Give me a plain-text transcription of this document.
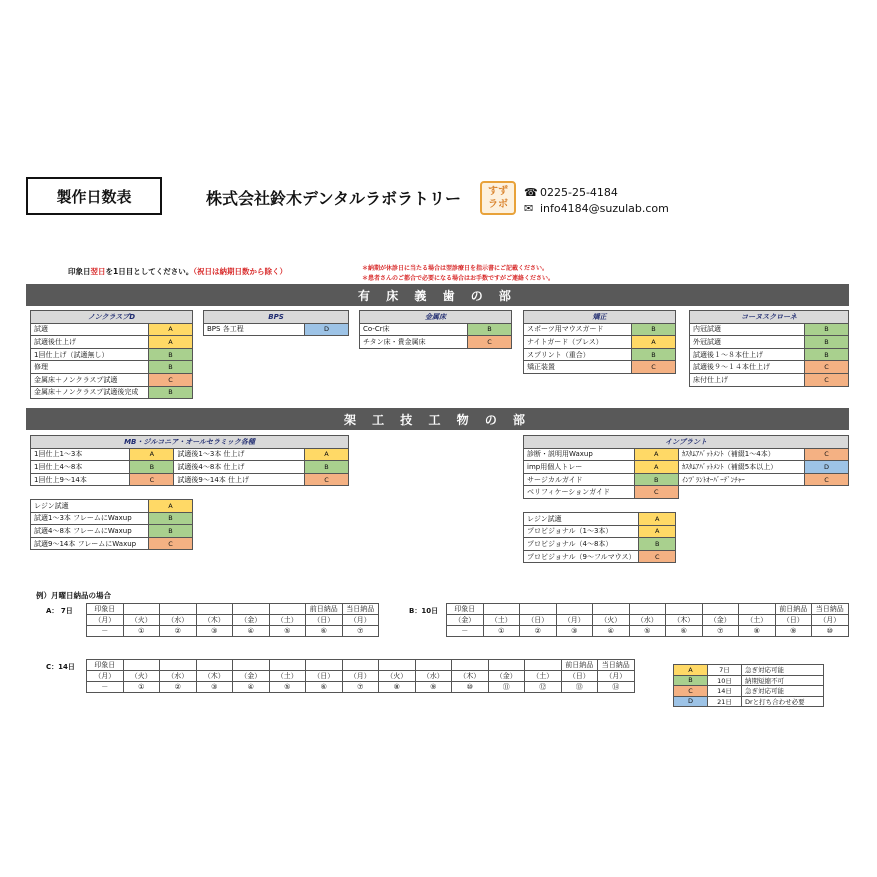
製作日数表	株式会社鈴木デンタルラボラトリー	すず
ラボ
☎ 0225-25-4184
✉ info4184@suzulab.com
印象日翌日を1日目としてください。（祝日は納期日数から除く）	＊納期が休診日に当たる場合は翌診療日を指示書にご記載ください。
＊患者さんのご都合で必要になる場合はお手数ですがご連絡ください。
有 床 義 歯 の 部
架 工 技 工 物 の 部
ノンクラスプD	
試適	A
試適後仕上げ	A
1回仕上げ（試適無し）	B
修理	B
金属床＋ノンクラスプ試適	C
金属床＋ノンクラスプ試適後完成	B
BPS
BPS 各工程	D
金属床	
Co-Cr床	B
チタン床・貴金属床	C
矯正	
スポーツ用マウスガード	B
ナイトガード（プレス）	A
スプリント（重合）	B
矯正装置	C
コーヌスクローネ	
内冠試適	B
外冠試適	B
試適後１～８本仕上げ	B
試適後９～１４本仕上げ	C
床付仕上げ	C
MB・ジルコニア・オールセラミック各種			
1回仕上1～3本	A	試適後1～3本 仕上げ	A
1回仕上4～8本	B	試適後4～8本 仕上げ	B
1回仕上9～14本	C	試適後9～14本 仕上げ	C
レジン試適	A
試適1～3本 フレームにWaxup	B
試適4～8本 フレームにWaxup	B
試適9～14本 フレームにWaxup	C
インプラント			
診断・説明用Waxup	A	ｶｽﾀﾑｱﾊﾞｯﾄﾒﾝﾄ（補綴1～4本）	C
imp用個人トレー	A	ｶｽﾀﾑｱﾊﾞｯﾄﾒﾝﾄ（補綴5本以上）	D
サージカルガイド	B	ｲﾝﾌﾟﾗﾝﾄｵｰﾊﾞｰﾃﾞﾝﾁｬｰ	C
ベリフィケーションガイド	C		
レジン試適	A
プロビジョナル（1～3本）	A
プロビジョナル（4～8本）	B
プロビジョナル（9～フルマウス）	C
例）月曜日納品の場合
A： 7日	印象日						前日納品	当日納品
（月）	（火）	（水）	（木）	（金）	（土）	（日）	（月）
－	①	②	③	④	⑤	⑥	⑦
B：10日 印象日									前日納品	当日納品
（金）	（土）	（日）	（月）	（火）	（水）	（木）	（金）	（土）	（日）	（月）
－	①	②	③	④	⑤	⑥	⑦	⑧	⑨	⑩
C：14日	印象日													前日納品	当日納品
（月）	（火）	（水）	（木）	（金）	（土）	（日）	（月）	（火）	（水）	（木）	（金）	（土）	（日）	（月）
－	①	②	③	④	⑤	⑥	⑦	⑧	⑨	⑩	⑪	⑫	⑬	⑭
A	7日	急ぎ対応可能
B	10日	納期短縮不可
C	14日	急ぎ対応可能
D	21日	Drと打ち合わせ必要
